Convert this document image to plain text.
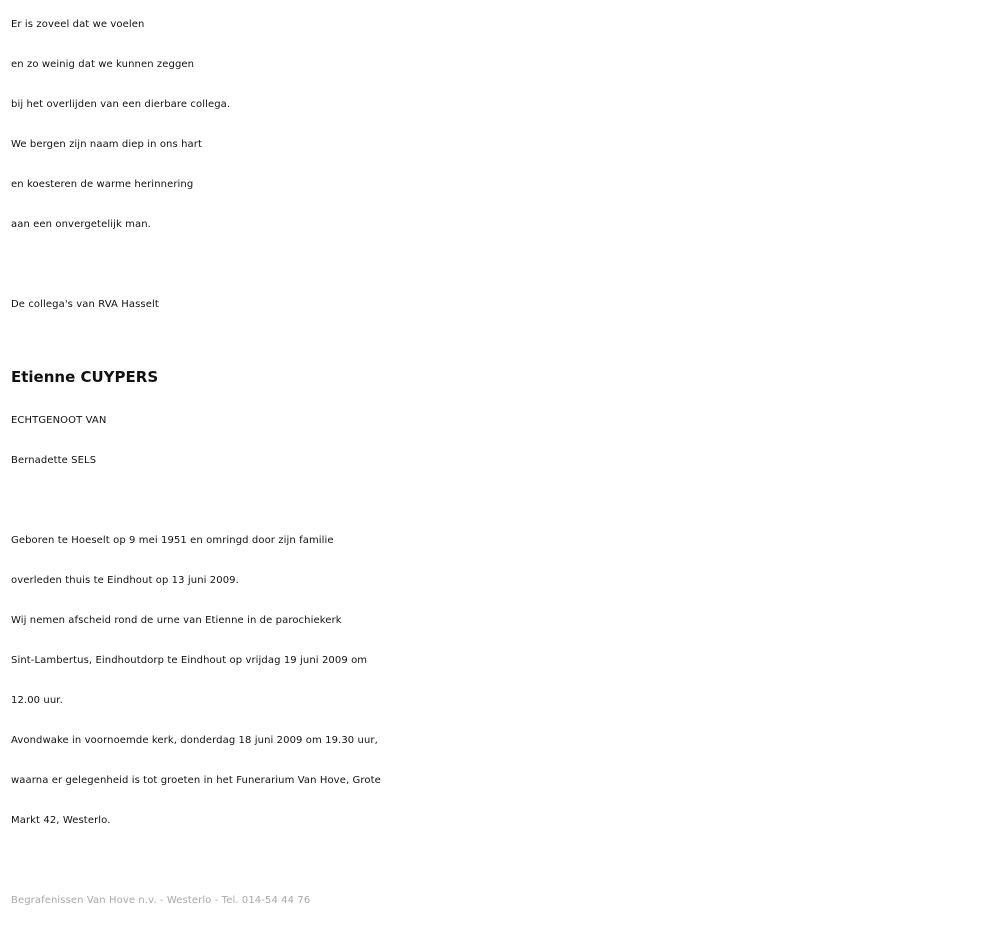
Er is zoveel dat we voelen
en zo weinig dat we kunnen zeggen
bij het overlijden van een dierbare collega.
We bergen zijn naam diep in ons hart
en koesteren de warme herinnering
aan een onvergetelijk man.
De collega's van RVA Hasselt
Etienne CUYPERS
ECHTGENOOT VAN
Bernadette SELS
Geboren te Hoeselt op 9 mei 1951 en omringd door zijn familie
overleden thuis te Eindhout op 13 juni 2009.
Wij nemen afscheid rond de urne van Etienne in de parochiekerk
Sint-Lambertus, Eindhoutdorp te Eindhout op vrijdag 19 juni 2009 om
12.00 uur.
Avondwake in voornoemde kerk, donderdag 18 juni 2009 om 19.30 uur,
waarna er gelegenheid is tot groeten in het Funerarium Van Hove, Grote
Markt 42, Westerlo.
Begrafenissen Van Hove n.v. - Westerlo - Tel. 014-54 44 76
